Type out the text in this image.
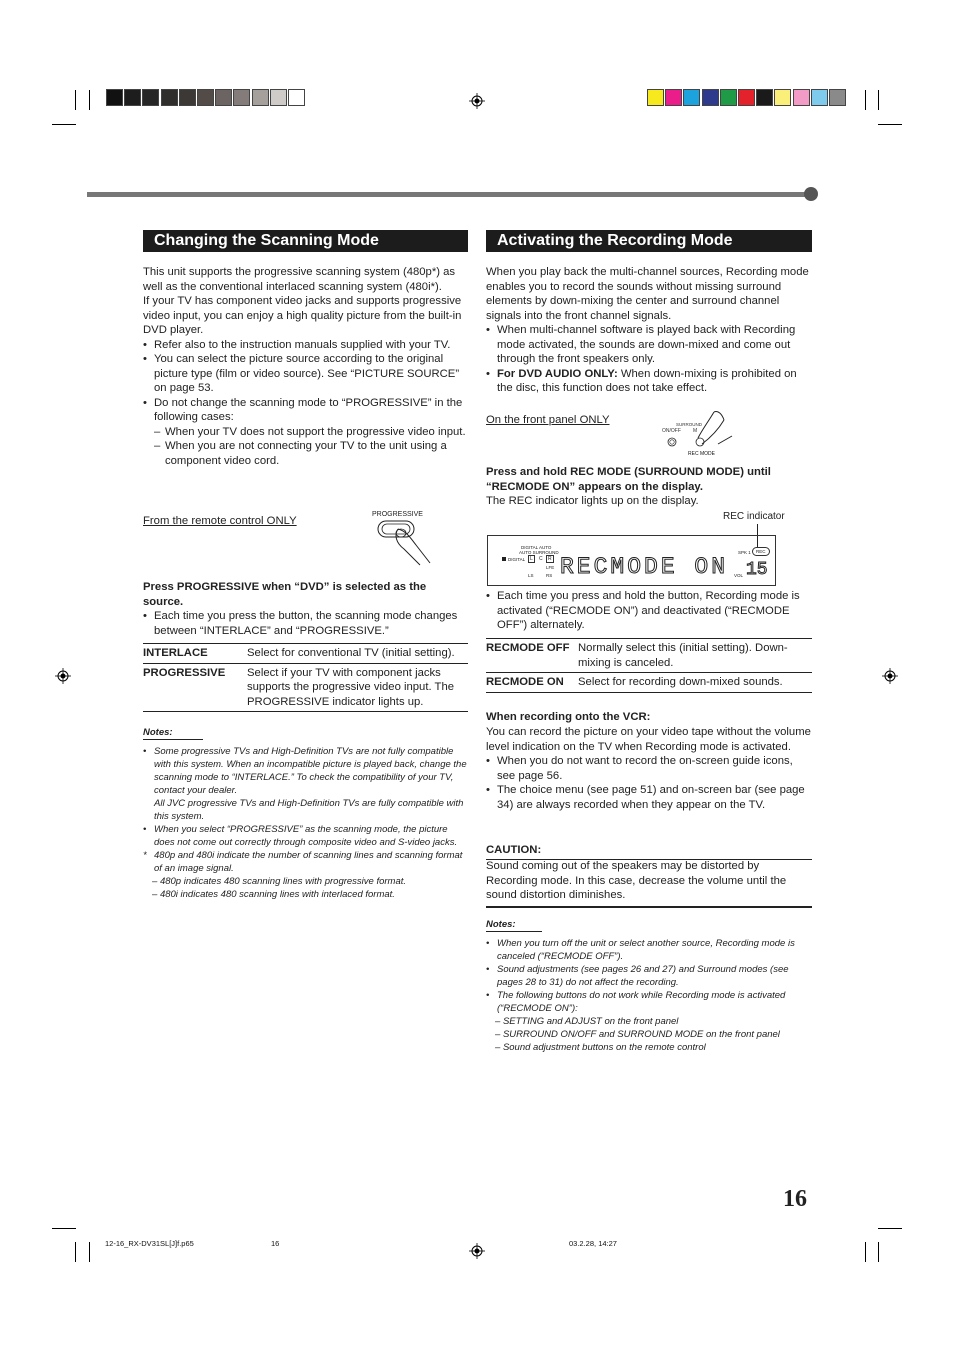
Changing the Scanning Mode

This unit supports the progressive scanning system (480p*) as well as the conventional interlaced scanning system (480i*).

If your TV has component video jacks and supports progressive video input, you can enjoy a high quality picture from the built-in DVD player.

• Refer also to the instruction manuals supplied with your TV.

• You can select the picture source according to the original picture type (film or video source). See “PICTURE SOURCE” on page 53.

• Do not change the scanning mode to “PROGRESSIVE” in the following cases:

– When your TV does not support the progressive video input.

– When you are not connecting your TV to the unit using a component video cord.

From the remote control ONLY
PROGRESSIVE
Press PROGRESSIVE when “DVD” is selected as the source.

• Each time you press the button, the scanning mode changes between “INTERLACE” and “PROGRESSIVE.”

INTERLACE	Select for conventional TV (initial setting).
PROGRESSIVE	Select if your TV with component jacks supports the progressive video input. The PROGRESSIVE indicator lights up.
Notes:
• Some progressive TVs and High-Definition TVs are not fully compatible with this system. When an incompatible picture is played back, change the scanning mode to “INTERLACE.” To check the compatibility of your TV, contact your dealer.
All JVC progressive TVs and High-Definition TVs are fully compatible with this system.
• When you select “PROGRESSIVE” as the scanning mode, the picture does not come out correctly through composite video and S-video jacks.
* 480p and 480i indicate the number of scanning lines and scanning format of an image signal.
– 480p indicates 480 scanning lines with progressive format.
– 480i indicates 480 scanning lines with interlaced format.
Activating the Recording Mode

When you play back the multi-channel sources, Recording mode enables you to record the sounds without missing surround elements by down-mixing the center and surround channel signals into the front channel signals.

• When multi-channel software is played back with Recording mode activated, the sounds are down-mixed and come out through the front speakers only.

• For DVD AUDIO ONLY: When down-mixing is prohibited on the disc, this function does not take effect.

On the front panel ONLY	SURROUND
ON/OFF M
REC MODE
Press and hold REC MODE (SURROUND MODE) until “RECMODE ON” appears on the display.
The REC indicator lights up on the display.
REC indicator
DIGITAL AUTO
AUTO SURROUND
DIGITAL L	C	R
LFE
LS	RS RECMODE ON
SPK 1	REC
VOL 15

• Each time you press and hold the button, Recording mode is activated (“RECMODE ON”) and deactivated (“RECMODE OFF”) alternately.

RECMODE OFF	Normally select this (initial setting). Down-mixing is canceled.
RECMODE ON	Select for recording down-mixed sounds.
When recording onto the VCR:

You can record the picture on your video tape without the volume level indication on the TV when Recording mode is activated.

• When you do not want to record the on-screen guide icons, see page 56.

• The choice menu (see page 51) and on-screen bar (see page 34) are always recorded when they appear on the TV.

CAUTION:
Sound coming out of the speakers may be distorted by Recording mode. In this case, decrease the volume until the sound distortion diminishes.
Notes:
• When you turn off the unit or select another source, Recording mode is canceled (“RECMODE OFF”).
• Sound adjustments (see pages 26 and 27) and Surround modes (see pages 28 to 31) do not affect the recording.
• The following buttons do not work while Recording mode is activated (“RECMODE ON”):
– SETTING and ADJUST on the front panel
– SURROUND ON/OFF and SURROUND MODE on the front panel
– Sound adjustment buttons on the remote control
16
12-16_RX-DV31SL[J]f.p65	16	03.2.28, 14:27
